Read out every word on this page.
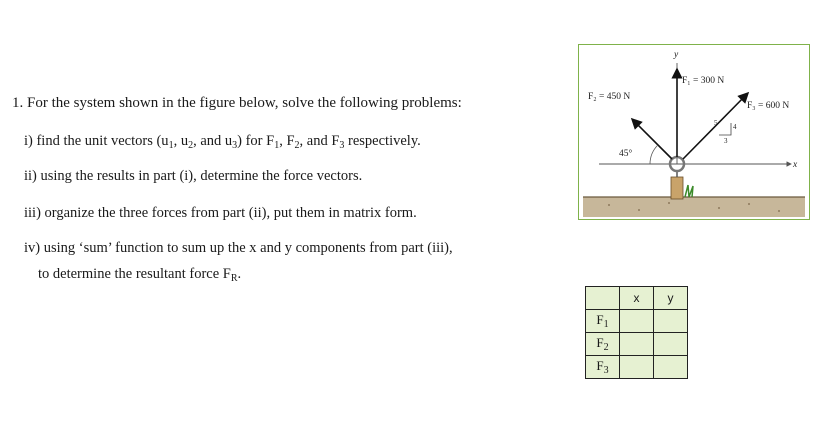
1. For the system shown in the figure below, solve the following problems:
i) find the unit vectors ($u_1$, $u_2$, and $u_3$) for $F_1$, $F_2$, and $F_3$ respectively.
ii) using the results in part (i), determine the force vectors.
iii) organize the three forces from part (ii), put them in matrix form.
iv) using ‘sum’ function to sum up the x and y components from part (iii),
to determine the resultant force $F_R$.
y
x
45°
5 4
3
F₁ = 300 N
F₂ = 450 N
F₃ = 600 N
	x	y
$F_1$		
$F_2$		
$F_3$		
